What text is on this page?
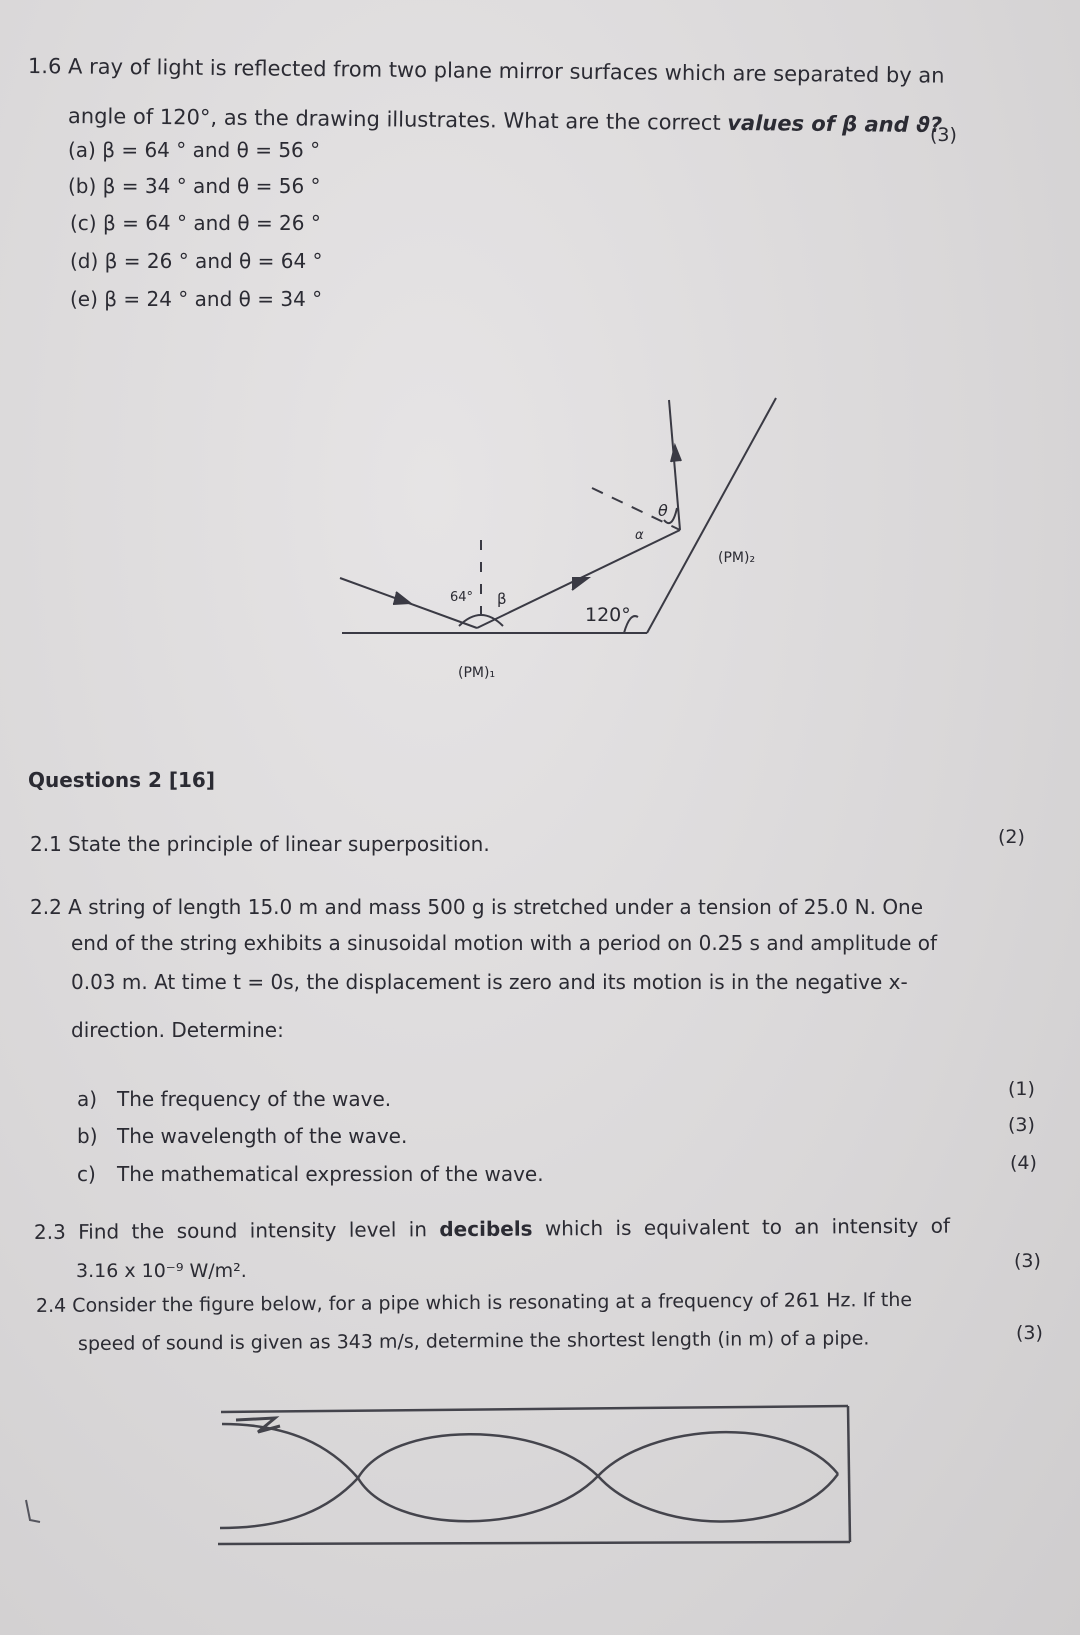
1.6 A ray of light is reflected from two plane mirror surfaces which are separated by an
angle of 120°, as the drawing illustrates. What are the correct values of β and ϑ?
(3)
(a) β = 64 ° and θ = 56 °
(b) β = 34 ° and θ = 56 °
(c) β = 64 ° and θ = 26 °
(d) β = 26 ° and θ = 64 °
(e) β = 24 ° and θ = 34 °
64° β
α
θ
120°
(PM)₂
(PM)₁
Questions 2 [16]
2.1 State the principle of linear superposition.	(2)
2.2 A string of length 15.0 m and mass 500 g is stretched under a tension of 25.0 N. One
end of the string exhibits a sinusoidal motion with a period on 0.25 s and amplitude of
0.03 m. At time t = 0s, the displacement is zero and its motion is in the negative x-
direction. Determine:
a) The frequency of the wave.	(1)
b) The wavelength of the wave.	(3)
c) The mathematical expression of the wave.	(4)
2.3 Find the sound intensity level in decibels which is equivalent to an intensity of
3.16 x 10⁻⁹ W/m².	(3)
2.4 Consider the figure below, for a pipe which is resonating at a frequency of 261 Hz. If the
speed of sound is given as 343 m/s, determine the shortest length (in m) of a pipe.	(3)
